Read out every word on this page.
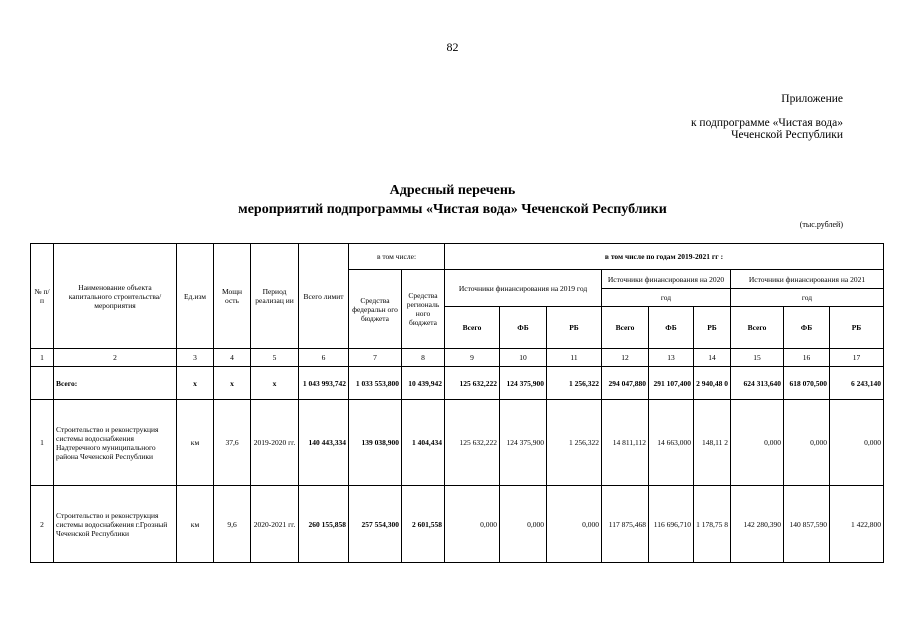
82
Приложение
к подпрограмме «Чистая вода»
Чеченской Республики
Адресный перечень
мероприятий подпрограммы «Чистая вода» Чеченской Республики
(тыс.рублей)
№ п/п	Наименование объекта капитального строительства/мероприятия	Ед.изм	Мощн ость	Период реализац ии	Всего лимит	в том числе:		в том числе по годам 2019-2021 гг :								
						Средства федеральн ого бюджета	Средства региональ ного бюджета	Источники финансирования на 2019 год			Источники финансирования на 2020			Источники финансирования на 2021		
											год			год		
								Всего	ФБ	РБ	Всего	ФБ	РБ	Всего	ФБ	РБ
1	2	3	4	5	6	7	8	9	10	11	12	13	14	15	16	17
	Всего:	x	x	x	1 043 993,742	1 033 553,800	10 439,942	125 632,222	124 375,900	1 256,322	294 047,880	291 107,400	2 940,48 0	624 313,640	618 070,500	6 243,140
1	Строительство и реконструкция системы водоснабжения Надтеречного муниципального района Чеченской Республики	км	37,6	2019-2020 гг.	140 443,334	139 038,900	1 404,434	125 632,222	124 375,900	1 256,322	14 811,112	14 663,000	148,11 2	0,000	0,000	0,000
2	Строительство и реконструкция системы водоснабжения г.Грозный Чеченской Республики	км	9,6	2020-2021 гг.	260 155,858	257 554,300	2 601,558	0,000	0,000	0,000	117 875,468	116 696,710	1 178,75 8	142 280,390	140 857,590	1 422,800
